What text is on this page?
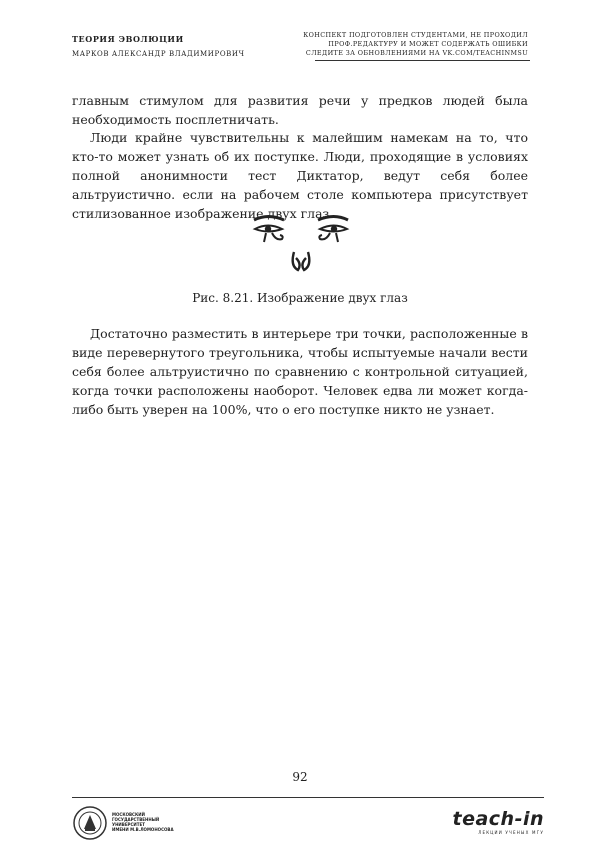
ТЕОРИЯ ЭВОЛЮЦИИ
МАРКОВ АЛЕКСАНДР ВЛАДИМИРОВИЧ
КОНСПЕКТ ПОДГОТОВЛЕН СТУДЕНТАМИ, НЕ ПРОХОДИЛ
ПРОФ.РЕДАКТУРУ И МОЖЕТ СОДЕРЖАТЬ ОШИБКИ
СЛЕДИТЕ ЗА ОБНОВЛЕНИЯМИ НА VK.COM/TEACHINMSU

главным стимулом для развития речи у предков людей была необходимость посплетничать.

Люди крайне чувствительны к малейшим намекам на то, что кто-то может узнать об их поступке. Люди, проходящие в условиях полной анонимности тест Диктатор, ведут себя более альтруистично. если на рабочем столе компьютера присутствует стилизованное изображение двух глаз.

Рис. 8.21. Изображение двух глаз

Достаточно разместить в интерьере три точки, расположенные в виде перевернутого треугольника, чтобы испытуемые начали вести себя более альтруистично по сравнению с контрольной ситуацией, когда точки расположены наоборот. Человек едва ли может когда-либо быть уверен на 100%, что о его поступке никто не узнает.

92
МОСКОВСКИЙ
ГОСУДАРСТВЕННЫЙ
УНИВЕРСИТЕТ
ИМЕНИ М.В.ЛОМОНОСОВА	teach-in
ЛЕКЦИИ УЧЕНЫХ МГУ
